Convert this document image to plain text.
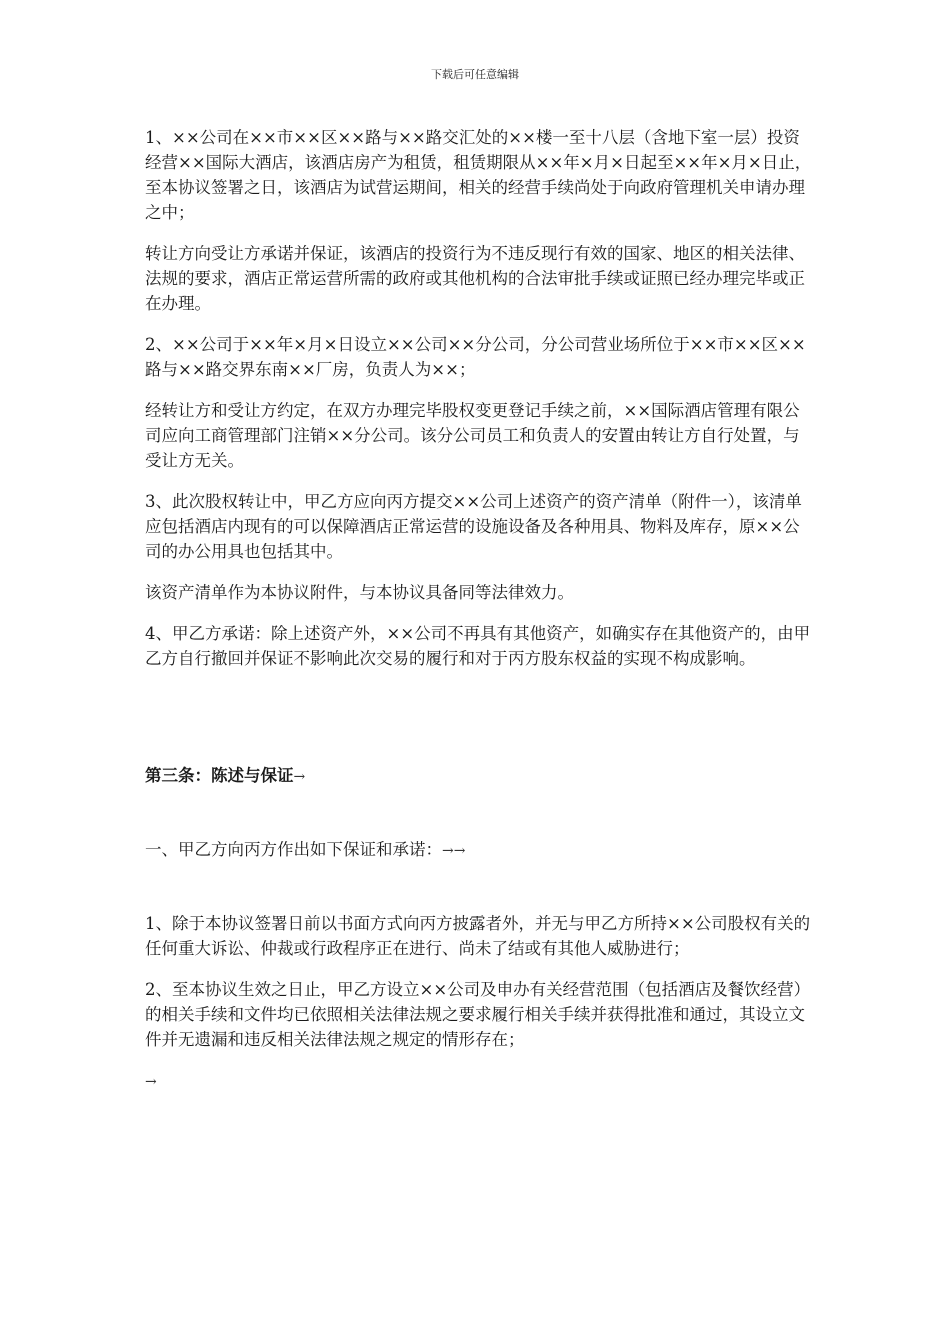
下载后可任意编辑

1、××公司在××市××区××路与××路交汇处的××楼一至十八层（含地下室一层）投资经营××国际大酒店，该酒店房产为租赁，租赁期限从××年×月×日起至××年×月×日止，至本协议签署之日，该酒店为试营运期间，相关的经营手续尚处于向政府管理机关申请办理之中；

转让方向受让方承诺并保证，该酒店的投资行为不违反现行有效的国家、地区的相关法律、法规的要求，酒店正常运营所需的政府或其他机构的合法审批手续或证照已经办理完毕或正在办理。

2、××公司于××年×月×日设立××公司××分公司，分公司营业场所位于××市××区××路与××路交界东南××厂房，负责人为××；

经转让方和受让方约定，在双方办理完毕股权变更登记手续之前，××国际酒店管理有限公司应向工商管理部门注销××分公司。该分公司员工和负责人的安置由转让方自行处置，与受让方无关。

3、此次股权转让中，甲乙方应向丙方提交××公司上述资产的资产清单（附件一），该清单应包括酒店内现有的可以保障酒店正常运营的设施设备及各种用具、物料及库存，原××公司的办公用具也包括其中。

该资产清单作为本协议附件，与本协议具备同等法律效力。

4、甲乙方承诺：除上述资产外，××公司不再具有其他资产，如确实存在其他资产的，由甲乙方自行撤回并保证不影响此次交易的履行和对于丙方股东权益的实现不构成影响。

第三条：陈述与保证→

一、甲乙方向丙方作出如下保证和承诺：→→

1、除于本协议签署日前以书面方式向丙方披露者外，并无与甲乙方所持××公司股权有关的任何重大诉讼、仲裁或行政程序正在进行、尚未了结或有其他人威胁进行；

2、至本协议生效之日止，甲乙方设立××公司及申办有关经营范围（包括酒店及餐饮经营）的相关手续和文件均已依照相关法律法规之要求履行相关手续并获得批准和通过，其设立文件并无遗漏和违反相关法律法规之规定的情形存在；

→
